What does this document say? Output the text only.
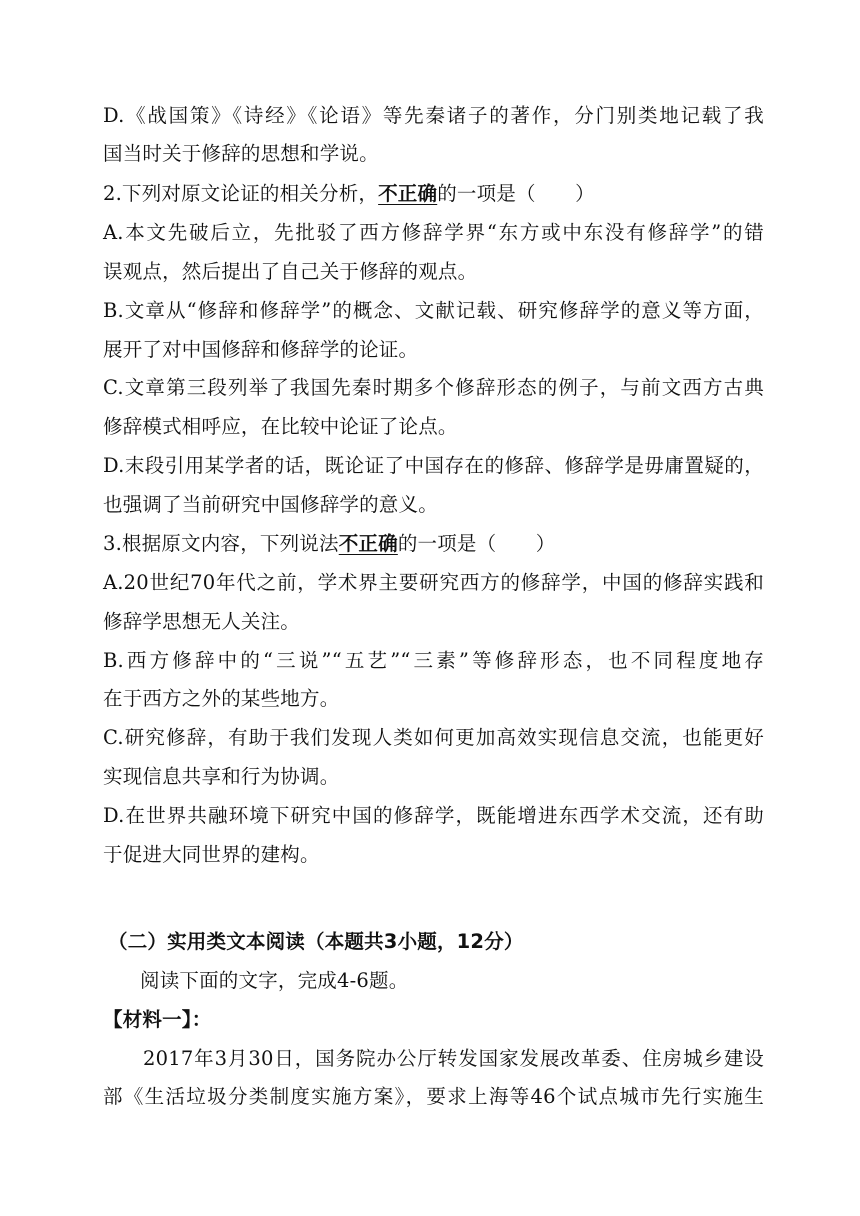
D.《战国策》《诗经》《论语》等先秦诸子的著作，分门别类地记载了我
国当时关于修辞的思想和学说。
2.下列对原文论证的相关分析，不正确的一项是（　　）
A.本文先破后立，先批驳了西方修辞学界“东方或中东没有修辞学”的错
误观点，然后提出了自己关于修辞的观点。
B.文章从“修辞和修辞学”的概念、文献记载、研究修辞学的意义等方面，
展开了对中国修辞和修辞学的论证。
C.文章第三段列举了我国先秦时期多个修辞形态的例子，与前文西方古典
修辞模式相呼应，在比较中论证了论点。
D.末段引用某学者的话，既论证了中国存在的修辞、修辞学是毋庸置疑的，
也强调了当前研究中国修辞学的意义。
3.根据原文内容，下列说法不正确的一项是（　　）
A.20世纪70年代之前，学术界主要研究西方的修辞学，中国的修辞实践和
修辞学思想无人关注。
B.西方修辞中的“三说”“五艺”“三素”等修辞形态，也不同程度地存
在于西方之外的某些地方。
C.研究修辞，有助于我们发现人类如何更加高效实现信息交流，也能更好
实现信息共享和行为协调。
D.在世界共融环境下研究中国的修辞学，既能增进东西学术交流，还有助
于促进大同世界的建构。
（二）实用类文本阅读（本题共3小题，12分）
阅读下面的文字，完成4-6题。
【材料一】：
2017年3月30日，国务院办公厅转发国家发展改革委、住房城乡建设
部《生活垃圾分类制度实施方案》，要求上海等46个试点城市先行实施生
